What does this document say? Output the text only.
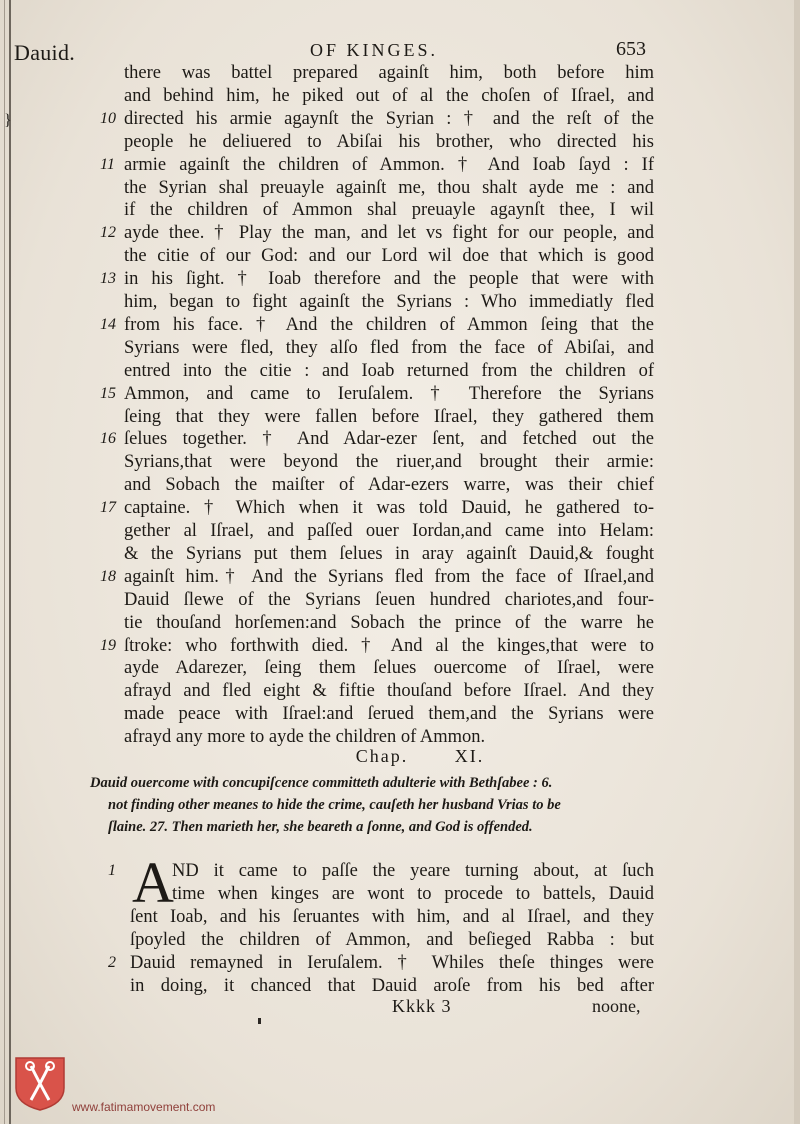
}
Dauid.	OF KINGES.	653
there was battel prepared againſt him, both before him
and behind him, he piked out of al the choſen of Iſrael, and
10 directed his armie agaynſt the Syrian : † and the reſt of the
people he deliuered to Abiſai his brother, who directed his
11 armie againſt the children of Ammon. † And Ioab ſayd : If
the Syrian shal preuayle againſt me, thou shalt ayde me : and
if the children of Ammon shal preuayle agaynſt thee, I wil
12 ayde thee. † Play the man, and let vs fight for our people, and
the citie of our God: and our Lord wil doe that which is good
13 in his ſight. † Ioab therefore and the people that were with
him, began to fight againſt the Syrians : Who immediatly fled
14 from his face. † And the children of Ammon ſeing that the
Syrians were fled, they alſo fled from the face of Abiſai, and
entred into the citie : and Ioab returned from the children of
15 Ammon, and came to Ieruſalem. † Therefore the Syrians
ſeing that they were fallen before Iſrael, they gathered them
16 ſelues together. † And Adar-ezer ſent, and fetched out the
Syrians,that were beyond the riuer,and brought their armie:
and Sobach the maiſter of Adar-ezers warre, was their chief
17 captaine. † Which when it was told Dauid, he gathered to-
gether al Iſrael, and paſſed ouer Iordan,and came into Helam:
& the Syrians put them ſelues in aray againſt Dauid,& fought
18 againſt him.† And the Syrians fled from the face of Iſrael,and
Dauid ſlewe of the Syrians ſeuen hundred chariotes,and four-
tie thouſand horſemen:and Sobach the prince of the warre he
19 ſtroke: who forthwith died. † And al the kinges,that were to
ayde Adarezer, ſeing them ſelues ouercome of Iſrael, were
afrayd and fled eight & fiftie thouſand before Iſrael. And they
made peace with Iſrael:and ſerued them,and the Syrians were
afrayd any more to ayde the children of Ammon.
Chap.	XI.
Dauid ouercome with concupiſcence committeth adulterie with Bethſabee : 6.
not finding other meanes to hide the crime, cauſeth her husband Vrias to be
ſlaine. 27. Then marieth her, she beareth a ſonne, and God is offended.
A
1	ND it came to paſſe the yeare turning about, at ſuch
time when kinges are wont to procede to battels, Dauid
ſent Ioab, and his ſeruantes with him, and al Iſrael, and they
ſpoyled the children of Ammon, and beſieged Rabba : but
2 Dauid remayned in Ieruſalem. † Whiles theſe thinges were
in doing, it chanced that Dauid aroſe from his bed after
Kkkk 3	noone,
www.fatimamovement.com
